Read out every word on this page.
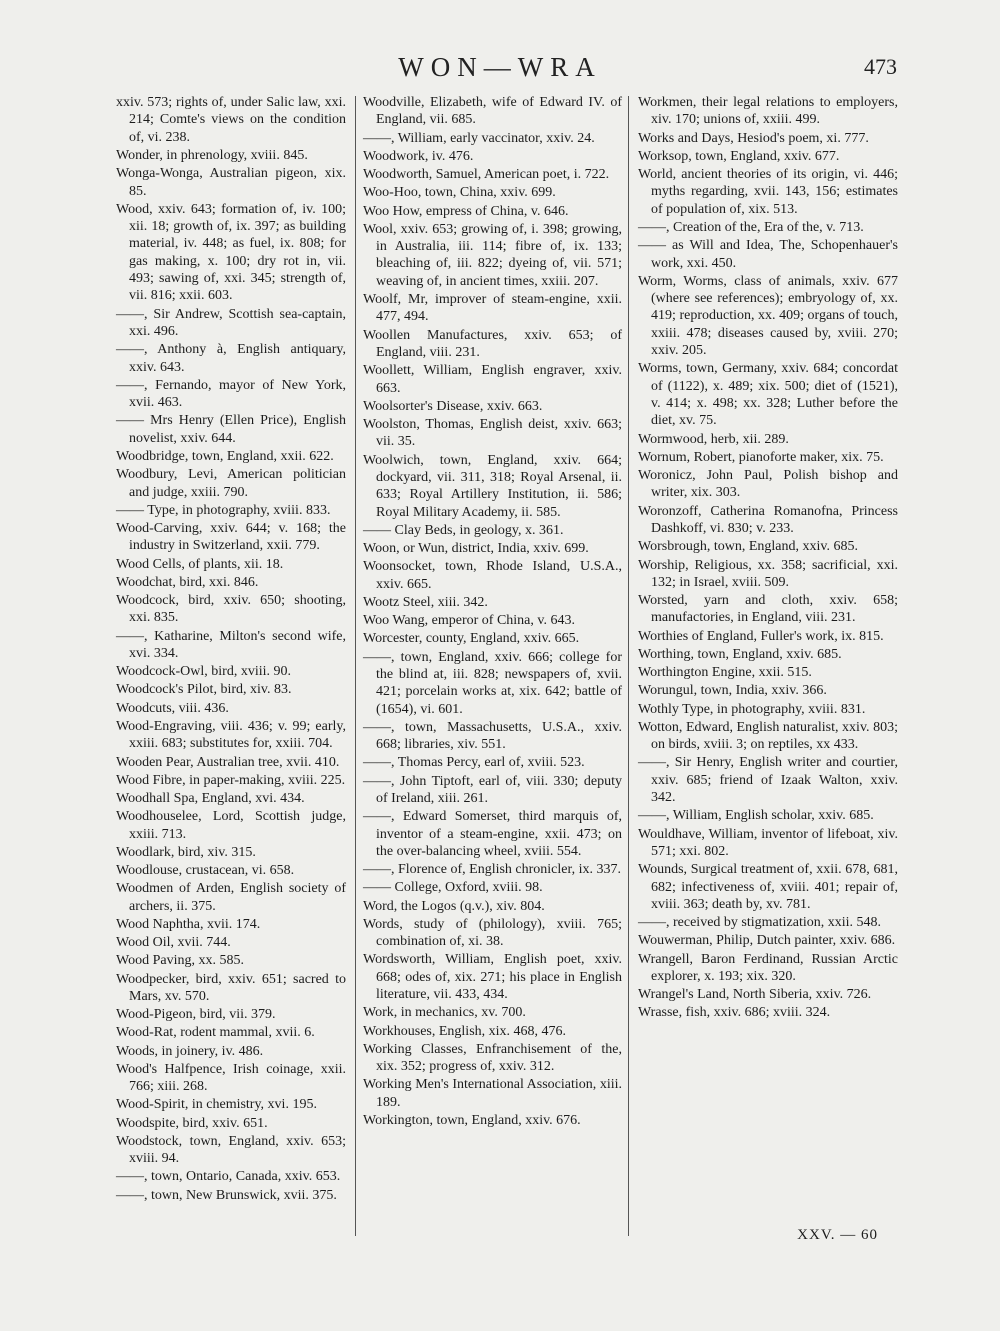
WON—WRA	473

xxiv. 573; rights of, under Salic law, xxi. 214; Comte's views on the condition of, vi. 238.

Wonder, in phrenology, xviii. 845.

Wonga-Wonga, Australian pigeon, xix. 85.

Wood, xxiv. 643; formation of, iv. 100; xii. 18; growth of, ix. 397; as building material, iv. 448; as fuel, ix. 808; for gas making, x. 100; dry rot in, vii. 493; sawing of, xxi. 345; strength of, vii. 816; xxii. 603.

——, Sir Andrew, Scottish sea-captain, xxi. 496.

——, Anthony à, English antiquary, xxiv. 643.

——, Fernando, mayor of New York, xvii. 463.

—— Mrs Henry (Ellen Price), English novelist, xxiv. 644.

Woodbridge, town, England, xxii. 622.

Woodbury, Levi, American politician and judge, xxiii. 790.

—— Type, in photography, xviii. 833.

Wood-Carving, xxiv. 644; v. 168; the industry in Switzerland, xxii. 779.

Wood Cells, of plants, xii. 18.

Woodchat, bird, xxi. 846.

Woodcock, bird, xxiv. 650; shooting, xxi. 835.

——, Katharine, Milton's second wife, xvi. 334.

Woodcock-Owl, bird, xviii. 90.

Woodcock's Pilot, bird, xiv. 83.

Woodcuts, viii. 436.

Wood-Engraving, viii. 436; v. 99; early, xxiii. 683; substitutes for, xxiii. 704.

Wooden Pear, Australian tree, xvii. 410.

Wood Fibre, in paper-making, xviii. 225.

Woodhall Spa, England, xvi. 434.

Woodhouselee, Lord, Scottish judge, xxiii. 713.

Woodlark, bird, xiv. 315.

Woodlouse, crustacean, vi. 658.

Woodmen of Arden, English society of archers, ii. 375.

Wood Naphtha, xvii. 174.

Wood Oil, xvii. 744.

Wood Paving, xx. 585.

Woodpecker, bird, xxiv. 651; sacred to Mars, xv. 570.

Wood-Pigeon, bird, vii. 379.

Wood-Rat, rodent mammal, xvii. 6.

Woods, in joinery, iv. 486.

Wood's Halfpence, Irish coinage, xxii. 766; xiii. 268.

Wood-Spirit, in chemistry, xvi. 195.

Woodspite, bird, xxiv. 651.

Woodstock, town, England, xxiv. 653; xviii. 94.

——, town, Ontario, Canada, xxiv. 653.

——, town, New Brunswick, xvii. 375.

Woodville, Elizabeth, wife of Edward IV. of England, vii. 685.

——, William, early vaccinator, xxiv. 24.

Woodwork, iv. 476.

Woodworth, Samuel, American poet, i. 722.

Woo-Hoo, town, China, xxiv. 699.

Woo How, empress of China, v. 646.

Wool, xxiv. 653; growing of, i. 398; growing, in Australia, iii. 114; fibre of, ix. 133; bleaching of, iii. 822; dyeing of, vii. 571; weaving of, in ancient times, xxiii. 207.

Woolf, Mr, improver of steam-engine, xxii. 477, 494.

Woollen Manufactures, xxiv. 653; of England, viii. 231.

Woollett, William, English engraver, xxiv. 663.

Woolsorter's Disease, xxiv. 663.

Woolston, Thomas, English deist, xxiv. 663; vii. 35.

Woolwich, town, England, xxiv. 664; dockyard, vii. 311, 318; Royal Arsenal, ii. 633; Royal Artillery Institution, ii. 586; Royal Military Academy, ii. 585.

—— Clay Beds, in geology, x. 361.

Woon, or Wun, district, India, xxiv. 699.

Woonsocket, town, Rhode Island, U.S.A., xxiv. 665.

Wootz Steel, xiii. 342.

Woo Wang, emperor of China, v. 643.

Worcester, county, England, xxiv. 665.

——, town, England, xxiv. 666; college for the blind at, iii. 828; newspapers of, xvii. 421; porcelain works at, xix. 642; battle of (1654), vi. 601.

——, town, Massachusetts, U.S.A., xxiv. 668; libraries, xiv. 551.

——, Thomas Percy, earl of, xviii. 523.

——, John Tiptoft, earl of, viii. 330; deputy of Ireland, xiii. 261.

——, Edward Somerset, third marquis of, inventor of a steam-engine, xxii. 473; on the over-balancing wheel, xviii. 554.

——, Florence of, English chronicler, ix. 337.

—— College, Oxford, xviii. 98.

Word, the Logos (q.v.), xiv. 804.

Words, study of (philology), xviii. 765; combination of, xi. 38.

Wordsworth, William, English poet, xxiv. 668; odes of, xix. 271; his place in English literature, vii. 433, 434.

Work, in mechanics, xv. 700.

Workhouses, English, xix. 468, 476.

Working Classes, Enfranchisement of the, xix. 352; progress of, xxiv. 312.

Working Men's International Association, xiii. 189.

Workington, town, England, xxiv. 676.

Workmen, their legal relations to employers, xiv. 170; unions of, xxiii. 499.

Works and Days, Hesiod's poem, xi. 777.

Worksop, town, England, xxiv. 677.

World, ancient theories of its origin, vi. 446; myths regarding, xvii. 143, 156; estimates of population of, xix. 513.

——, Creation of the, Era of the, v. 713.

—— as Will and Idea, The, Schopenhauer's work, xxi. 450.

Worm, Worms, class of animals, xxiv. 677 (where see references); embryology of, xx. 419; reproduction, xx. 409; organs of touch, xxiii. 478; diseases caused by, xviii. 270; xxiv. 205.

Worms, town, Germany, xxiv. 684; concordat of (1122), x. 489; xix. 500; diet of (1521), v. 414; x. 498; xx. 328; Luther before the diet, xv. 75.

Wormwood, herb, xii. 289.

Wornum, Robert, pianoforte maker, xix. 75.

Woronicz, John Paul, Polish bishop and writer, xix. 303.

Woronzoff, Catherina Romanofna, Princess Dashkoff, vi. 830; v. 233.

Worsbrough, town, England, xxiv. 685.

Worship, Religious, xx. 358; sacrificial, xxi. 132; in Israel, xviii. 509.

Worsted, yarn and cloth, xxiv. 658; manufactories, in England, viii. 231.

Worthies of England, Fuller's work, ix. 815.

Worthing, town, England, xxiv. 685.

Worthington Engine, xxii. 515.

Worungul, town, India, xxiv. 366.

Wothly Type, in photography, xviii. 831.

Wotton, Edward, English naturalist, xxiv. 803; on birds, xviii. 3; on reptiles, xx 433.

——, Sir Henry, English writer and courtier, xxiv. 685; friend of Izaak Walton, xxiv. 342.

——, William, English scholar, xxiv. 685.

Wouldhave, William, inventor of lifeboat, xiv. 571; xxi. 802.

Wounds, Surgical treatment of, xxii. 678, 681, 682; infectiveness of, xviii. 401; repair of, xviii. 363; death by, xv. 781.

——, received by stigmatization, xxii. 548.

Wouwerman, Philip, Dutch painter, xxiv. 686.

Wrangell, Baron Ferdinand, Russian Arctic explorer, x. 193; xix. 320.

Wrangel's Land, North Siberia, xxiv. 726.

Wrasse, fish, xxiv. 686; xviii. 324.

XXV. — 60
